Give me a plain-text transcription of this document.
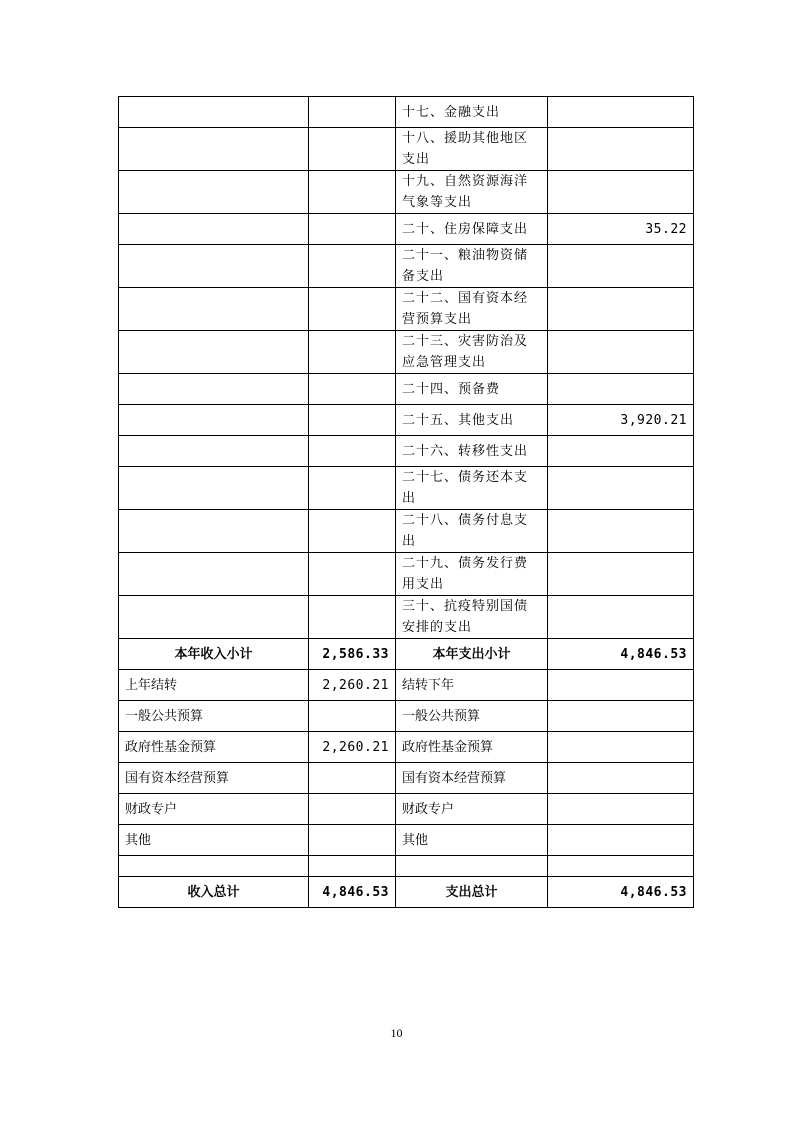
		十七、金融支出	
		十八、援助其他地区支出	
		十九、自然资源海洋气象等支出	
		二十、住房保障支出	35.22
		二十一、粮油物资储备支出	
		二十二、国有资本经营预算支出	
		二十三、灾害防治及应急管理支出	
		二十四、预备费	
		二十五、其他支出	3,920.21
		二十六、转移性支出	
		二十七、债务还本支出	
		二十八、债务付息支出	
		二十九、债务发行费用支出	
		三十、抗疫特别国债安排的支出	
本年收入小计	2,586.33	本年支出小计	4,846.53
上年结转	2,260.21	结转下年	
一般公共预算		一般公共预算	
政府性基金预算	2,260.21	政府性基金预算	
国有资本经营预算		国有资本经营预算	
财政专户		财政专户	
其他		其他	

收入总计	4,846.53	支出总计	4,846.53
10
